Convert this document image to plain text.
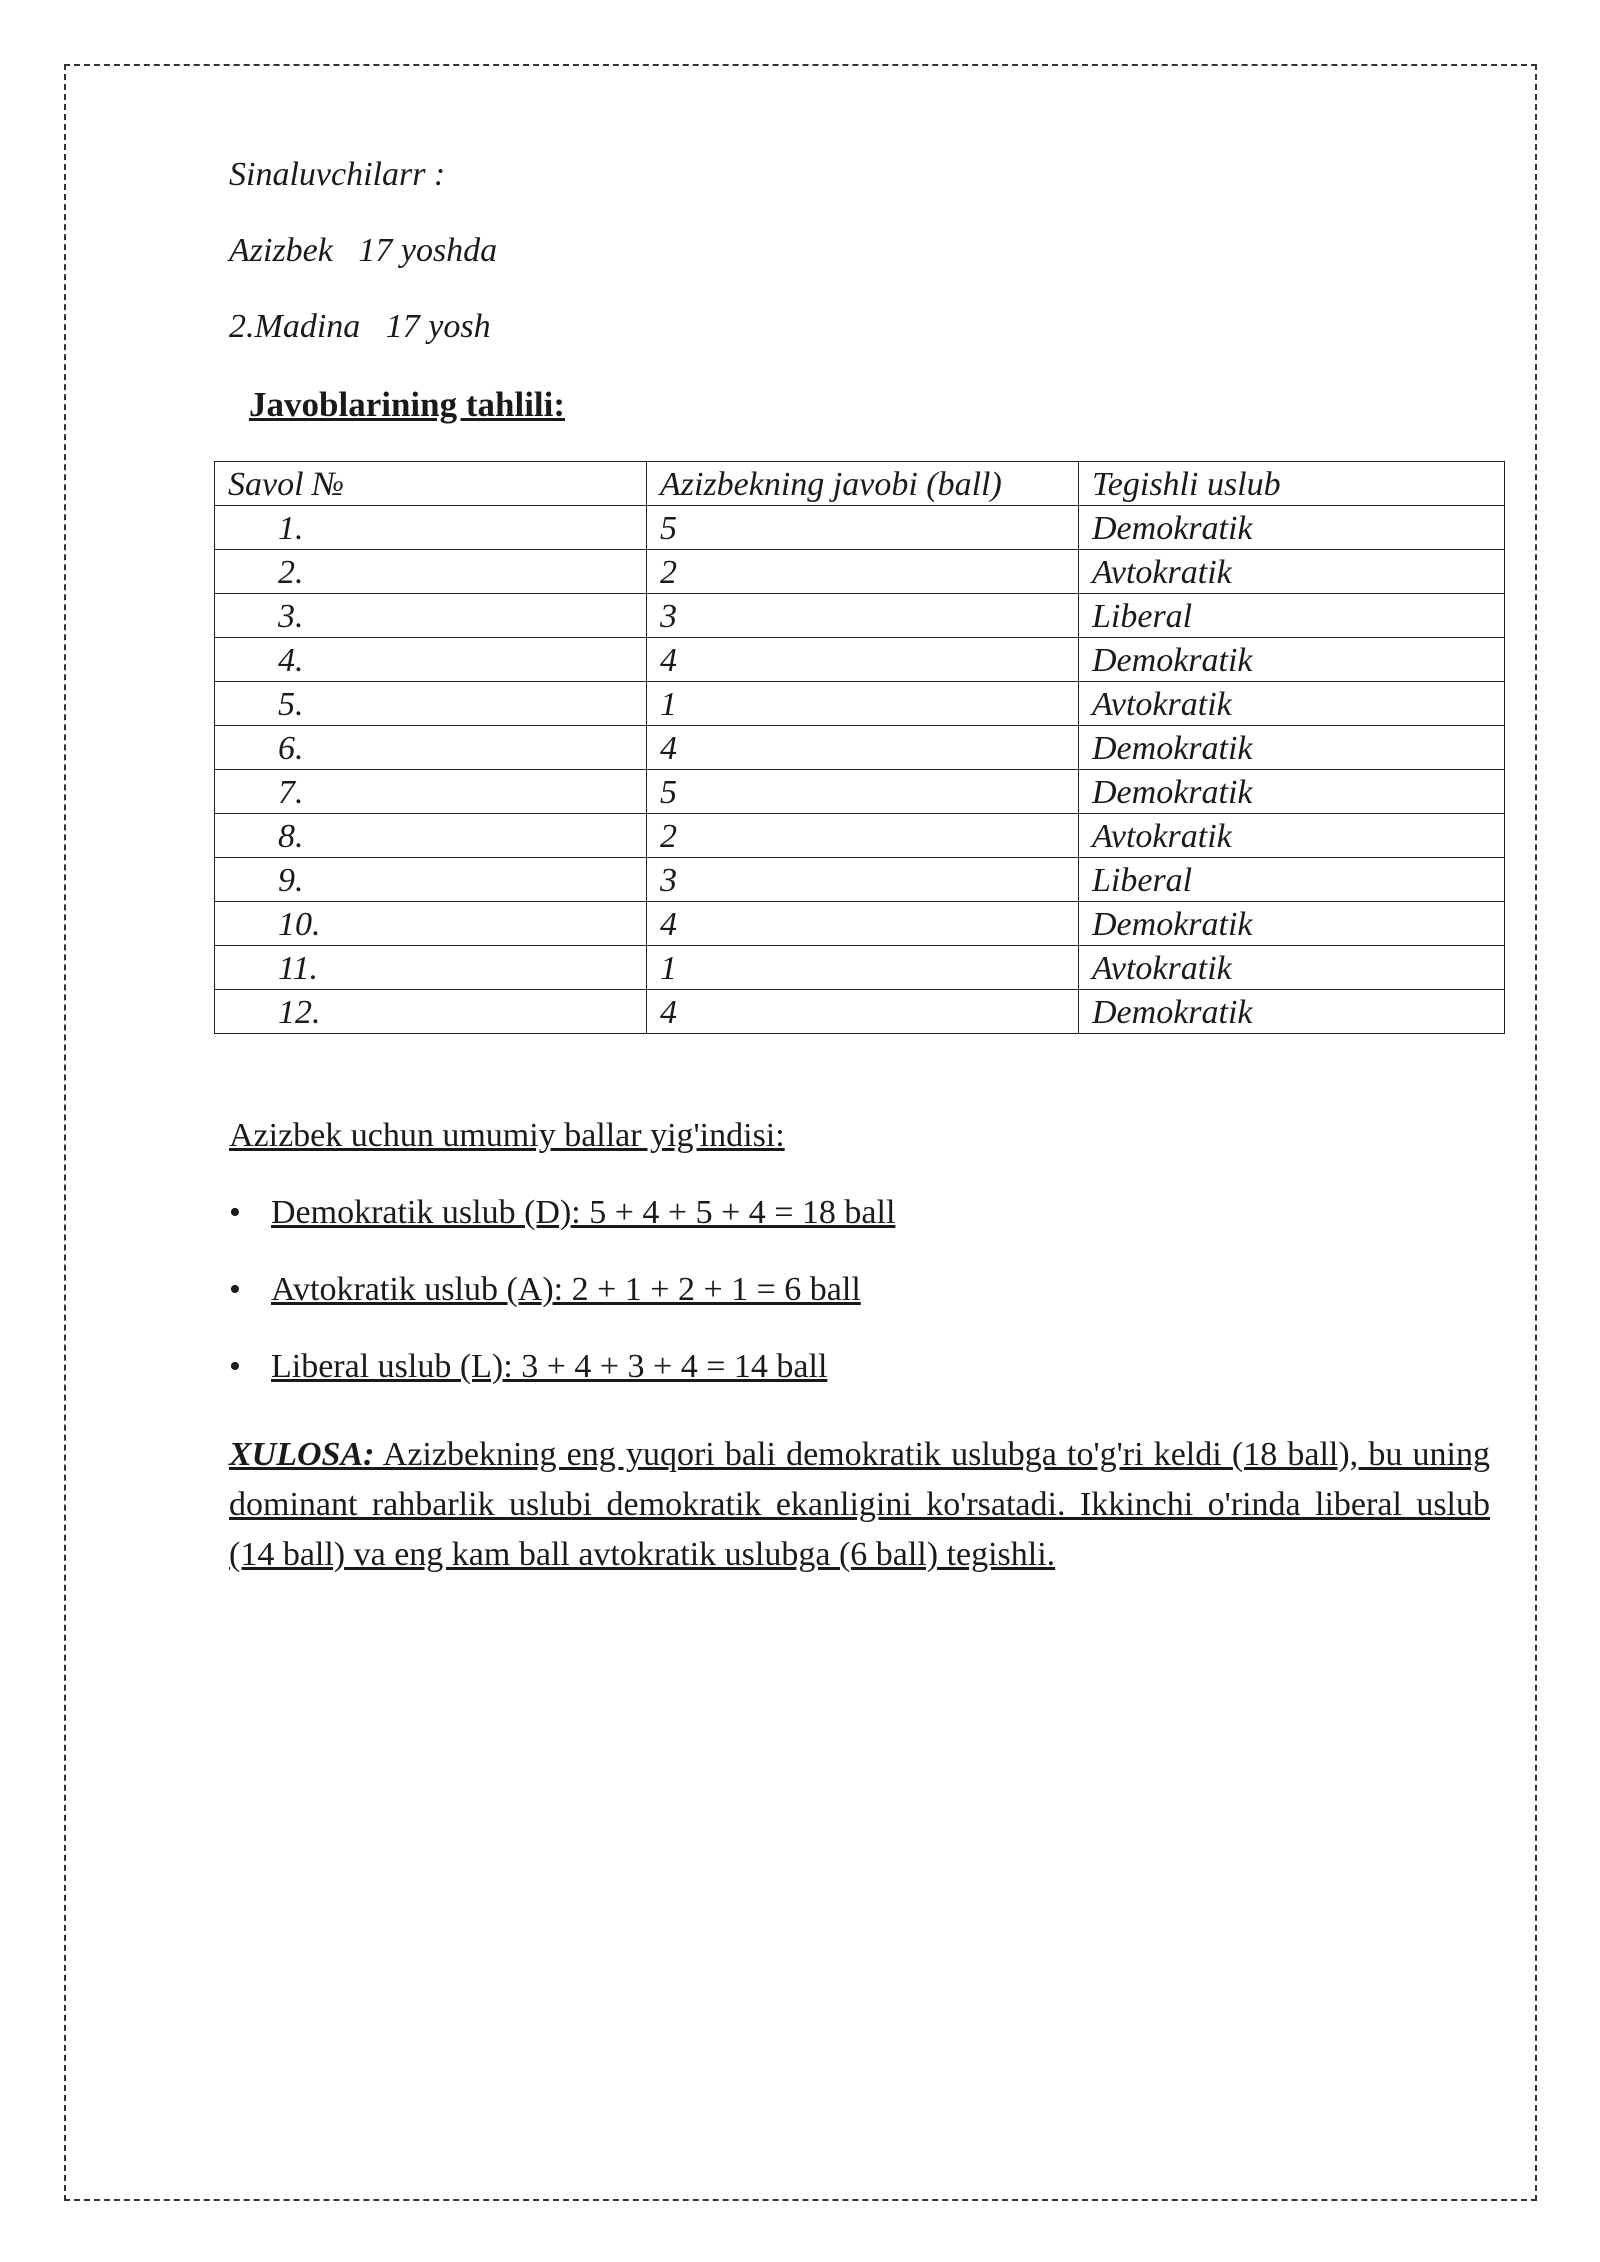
Sinaluvchilarr :
Azizbek   17 yoshda
2.Madina   17 yosh
Javoblarining tahlili:
Savol №	Azizbekning javobi (ball)	Tegishli uslub
1.	5	Demokratik
2.	2	Avtokratik
3.	3	Liberal
4.	4	Demokratik
5.	1	Avtokratik
6.	4	Demokratik
7.	5	Demokratik
8.	2	Avtokratik
9.	3	Liberal
10.	4	Demokratik
11.	1	Avtokratik
12.	4	Demokratik
Azizbek uchun umumiy ballar yig'indisi:
• Demokratik uslub (D): 5 + 4 + 5 + 4 = 18 ball
• Avtokratik uslub (A): 2 + 1 + 2 + 1 = 6 ball
• Liberal uslub (L): 3 + 4 + 3 + 4 = 14 ball
XULOSA: Azizbekning eng yuqori bali demokratik uslubga to'g'ri keldi (18 ball), bu uning dominant rahbarlik uslubi demokratik ekanligini ko'rsatadi. Ikkinchi o'rinda liberal uslub (14 ball) va eng kam ball avtokratik uslubga (6 ball) tegishli.
